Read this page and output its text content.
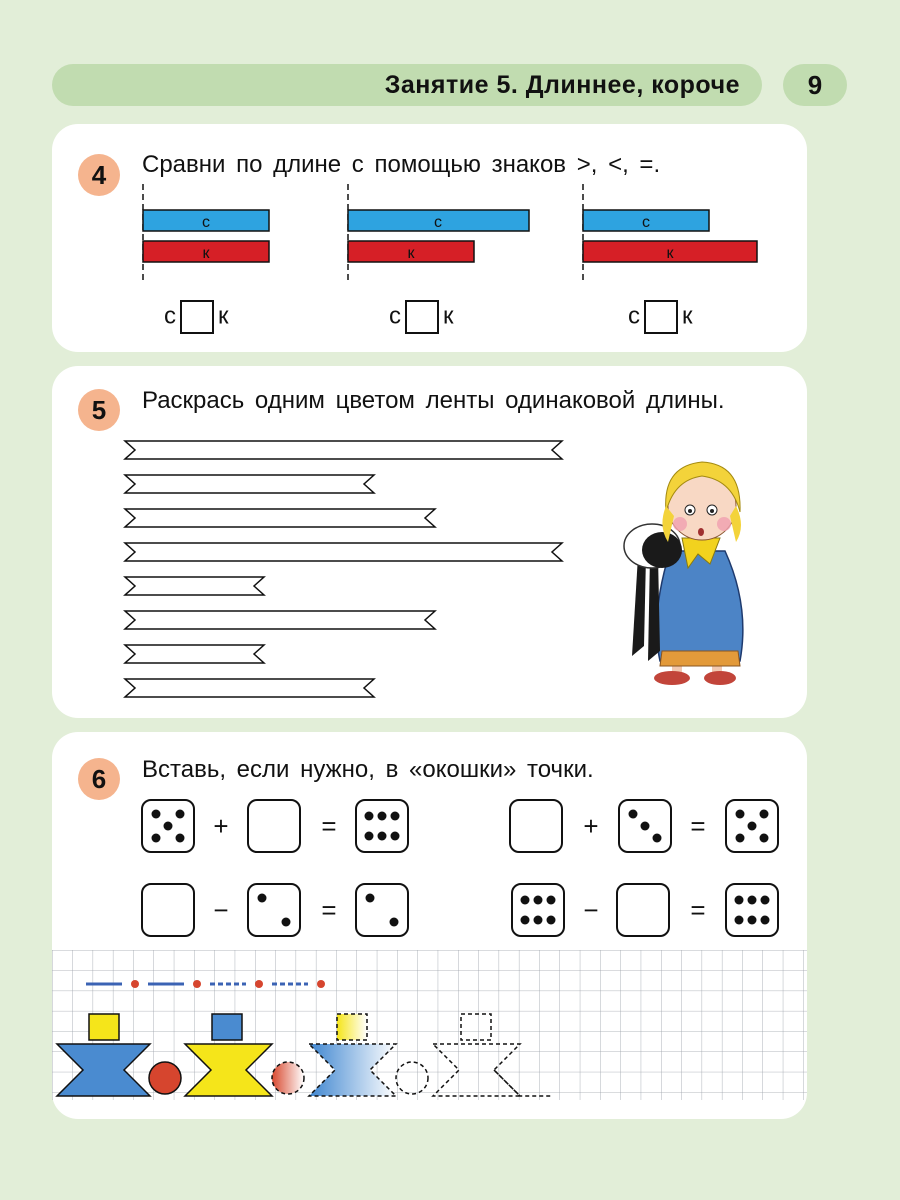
Занятие 5. Длиннее, короче	9
4	Сравни по длине с помощью знаков >, <, =.
с
к
с
к
с
к
с к	с к	с к
5	Раскрась одним цветом ленты одинаковой длины.
6	Вставь, если нужно, в «окошки» точки.
+	=	+	=
−	=	−	=
